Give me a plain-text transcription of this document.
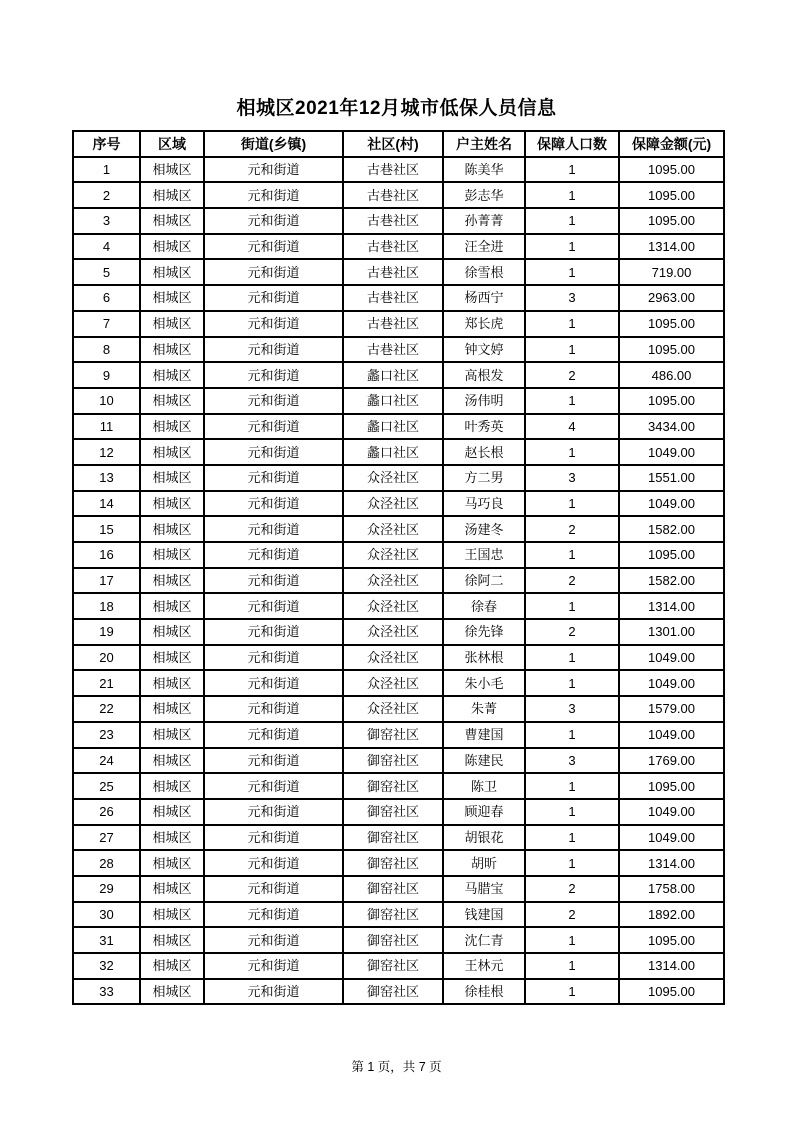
相城区2021年12月城市低保人员信息
序号	区域	街道(乡镇)	社区(村)	户主姓名	保障人口数	保障金额(元)
1	相城区	元和街道	古巷社区	陈美华	1	1095.00
2	相城区	元和街道	古巷社区	彭志华	1	1095.00
3	相城区	元和街道	古巷社区	孙菁菁	1	1095.00
4	相城区	元和街道	古巷社区	汪全进	1	1314.00
5	相城区	元和街道	古巷社区	徐雪根	1	719.00
6	相城区	元和街道	古巷社区	杨西宁	3	2963.00
7	相城区	元和街道	古巷社区	郑长虎	1	1095.00
8	相城区	元和街道	古巷社区	钟文婷	1	1095.00
9	相城区	元和街道	蠡口社区	高根发	2	486.00
10	相城区	元和街道	蠡口社区	汤伟明	1	1095.00
11	相城区	元和街道	蠡口社区	叶秀英	4	3434.00
12	相城区	元和街道	蠡口社区	赵长根	1	1049.00
13	相城区	元和街道	众泾社区	方二男	3	1551.00
14	相城区	元和街道	众泾社区	马巧良	1	1049.00
15	相城区	元和街道	众泾社区	汤建冬	2	1582.00
16	相城区	元和街道	众泾社区	王国忠	1	1095.00
17	相城区	元和街道	众泾社区	徐阿二	2	1582.00
18	相城区	元和街道	众泾社区	徐春	1	1314.00
19	相城区	元和街道	众泾社区	徐先锋	2	1301.00
20	相城区	元和街道	众泾社区	张林根	1	1049.00
21	相城区	元和街道	众泾社区	朱小毛	1	1049.00
22	相城区	元和街道	众泾社区	朱菁	3	1579.00
23	相城区	元和街道	御窑社区	曹建国	1	1049.00
24	相城区	元和街道	御窑社区	陈建民	3	1769.00
25	相城区	元和街道	御窑社区	陈卫	1	1095.00
26	相城区	元和街道	御窑社区	顾迎春	1	1049.00
27	相城区	元和街道	御窑社区	胡银花	1	1049.00
28	相城区	元和街道	御窑社区	胡昕	1	1314.00
29	相城区	元和街道	御窑社区	马腊宝	2	1758.00
30	相城区	元和街道	御窑社区	钱建国	2	1892.00
31	相城区	元和街道	御窑社区	沈仁青	1	1095.00
32	相城区	元和街道	御窑社区	王林元	1	1314.00
33	相城区	元和街道	御窑社区	徐桂根	1	1095.00
第 1 页，共 7 页
